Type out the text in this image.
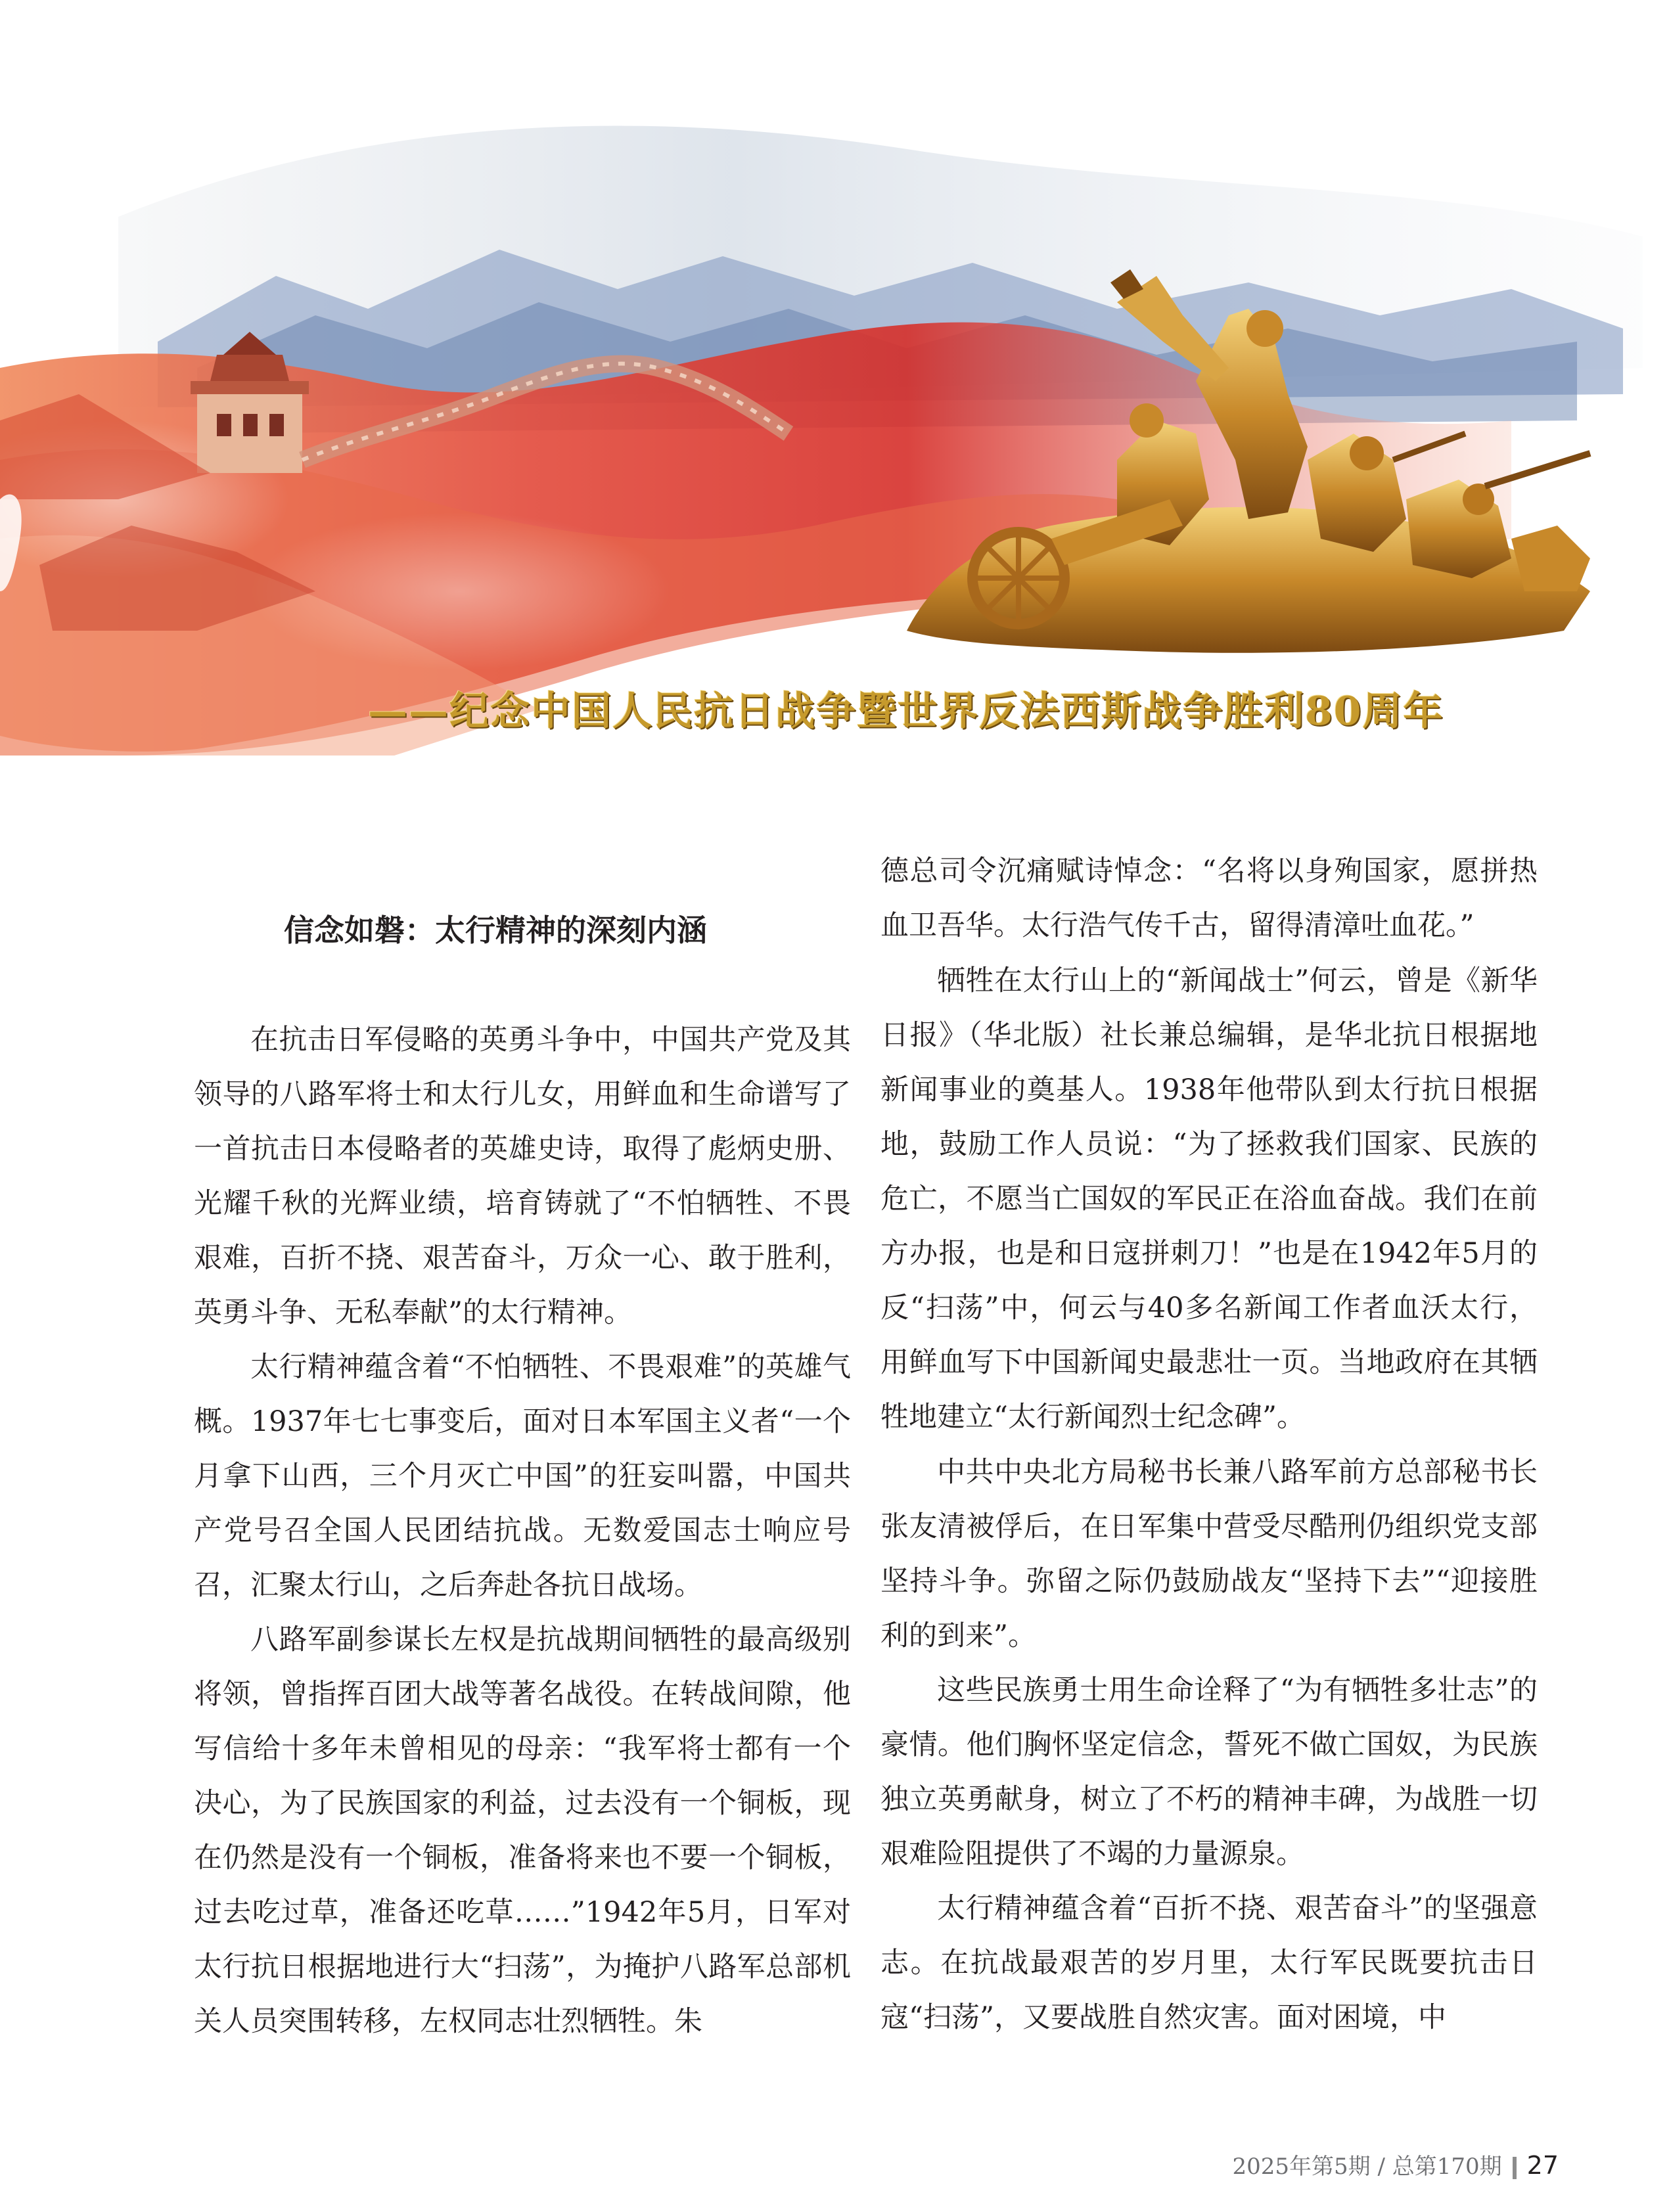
——纪念中国人民抗日战争暨世界反法西斯战争胜利80周年
信念如磐：太行精神的深刻内涵

在抗击日军侵略的英勇斗争中，中国共产党及其领导的八路军将士和太行儿女，用鲜血和生命谱写了一首抗击日本侵略者的英雄史诗，取得了彪炳史册、光耀千秋的光辉业绩，培育铸就了“不怕牺牲、不畏艰难，百折不挠、艰苦奋斗，万众一心、敢于胜利，英勇斗争、无私奉献”的太行精神。

太行精神蕴含着“不怕牺牲、不畏艰难”的英雄气概。1937年七七事变后，面对日本军国主义者“一个月拿下山西，三个月灭亡中国”的狂妄叫嚣，中国共产党号召全国人民团结抗战。无数爱国志士响应号召，汇聚太行山，之后奔赴各抗日战场。

八路军副参谋长左权是抗战期间牺牲的最高级别将领，曾指挥百团大战等著名战役。在转战间隙，他写信给十多年未曾相见的母亲：“我军将士都有一个决心，为了民族国家的利益，过去没有一个铜板，现在仍然是没有一个铜板，准备将来也不要一个铜板，过去吃过草，准备还吃草……”1942年5月，日军对太行抗日根据地进行大“扫荡”，为掩护八路军总部机关人员突围转移，左权同志壮烈牺牲。朱

德总司令沉痛赋诗悼念：“名将以身殉国家，愿拼热血卫吾华。太行浩气传千古，留得清漳吐血花。”

牺牲在太行山上的“新闻战士”何云，曾是《新华日报》（华北版）社长兼总编辑，是华北抗日根据地新闻事业的奠基人。1938年他带队到太行抗日根据地，鼓励工作人员说：“为了拯救我们国家、民族的危亡，不愿当亡国奴的军民正在浴血奋战。我们在前方办报，也是和日寇拼刺刀！”也是在1942年5月的反“扫荡”中，何云与40多名新闻工作者血沃太行，用鲜血写下中国新闻史最悲壮一页。当地政府在其牺牲地建立“太行新闻烈士纪念碑”。

中共中央北方局秘书长兼八路军前方总部秘书长张友清被俘后，在日军集中营受尽酷刑仍组织党支部坚持斗争。弥留之际仍鼓励战友“坚持下去”“迎接胜利的到来”。

这些民族勇士用生命诠释了“为有牺牲多壮志”的豪情。他们胸怀坚定信念，誓死不做亡国奴，为民族独立英勇献身，树立了不朽的精神丰碑，为战胜一切艰难险阻提供了不竭的力量源泉。

太行精神蕴含着“百折不挠、艰苦奋斗”的坚强意志。在抗战最艰苦的岁月里，太行军民既要抗击日寇“扫荡”，又要战胜自然灾害。面对困境，中

2025年第5期 / 总第170期 27
